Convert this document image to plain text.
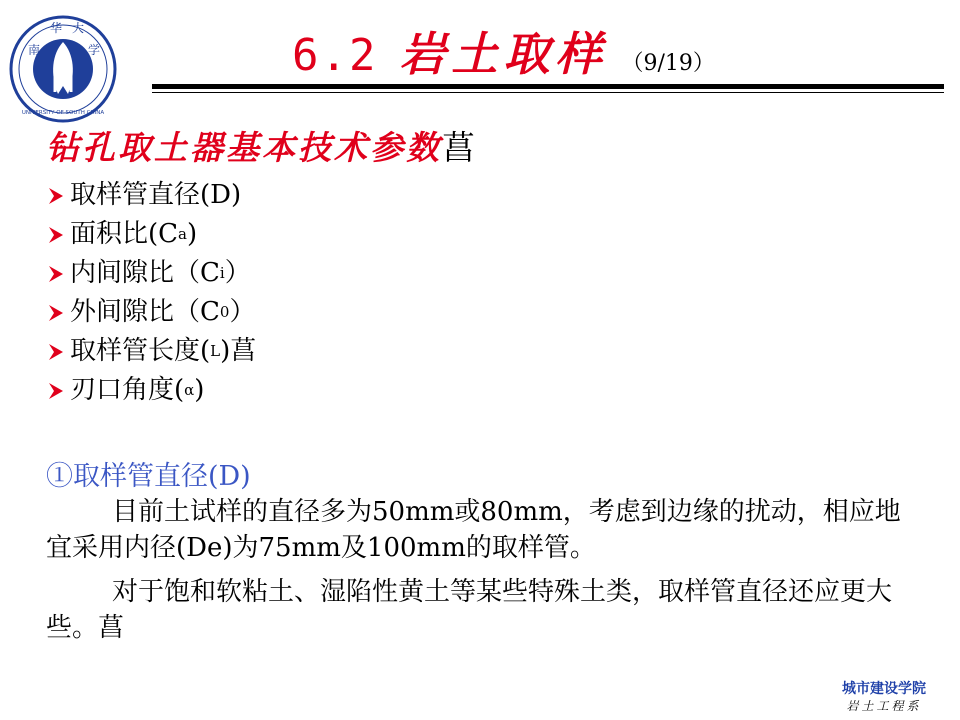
南
华 大
学
UNIVERSITY OF SOUTH CHINA
6.2 岩土取样 （9/19）
钻孔取土器基本技术参数菖
取样管直径(D)
面积比(C a )
内间隙比（C i ）
外间隙比（C 0 ）
取样管长度( L )菖
刃口角度( α )
①取样管直径(D)
目前土试样的直径多为50mm或80mm，考虑到边缘的扰动，相应地宜采用内径(De)为75mm及100mm的取样管。
对于饱和软粘土、湿陷性黄土等某些特殊土类，取样管直径还应更大些。菖
城市建设学院
岩土工程系
